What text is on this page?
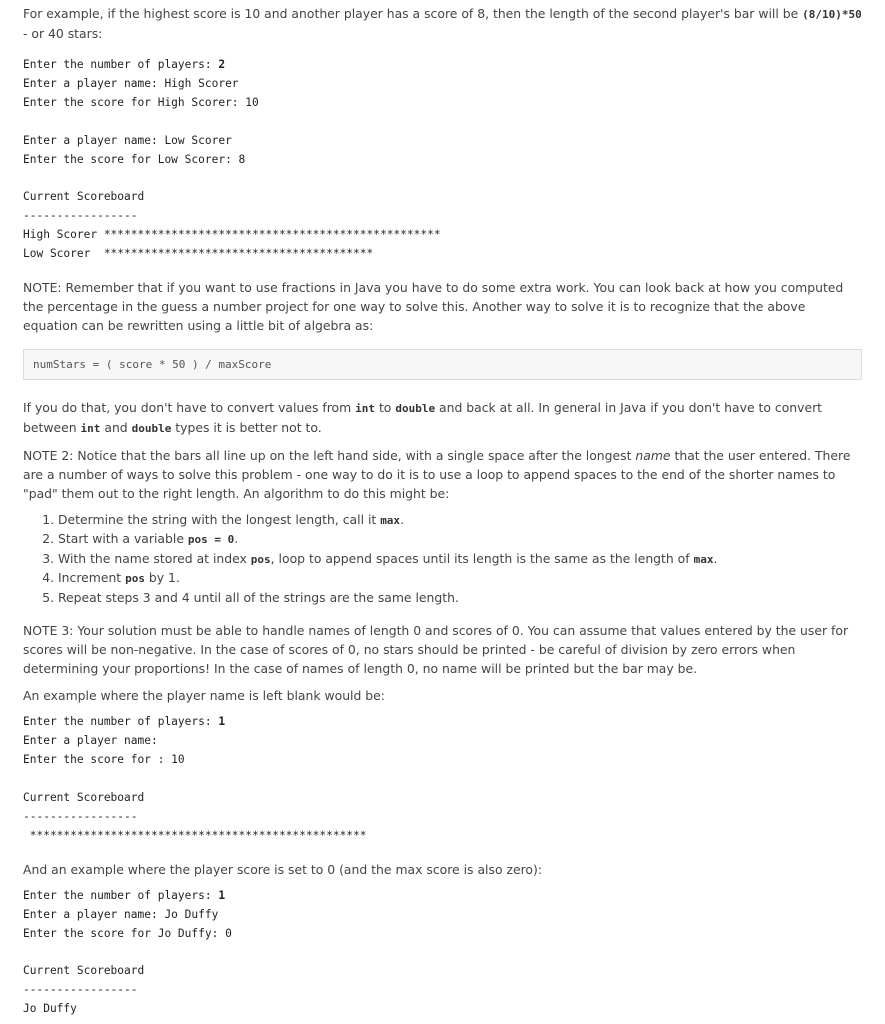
For example, if the highest score is 10 and another player has a score of 8, then the length of the second player's bar will be (8/10)*50 - or 40 stars:

Enter the number of players: 2
Enter a player name: High Scorer
Enter the score for High Scorer: 10

Enter a player name: Low Scorer
Enter the score for Low Scorer: 8

Current Scoreboard
-----------------
High Scorer **************************************************
Low Scorer  ****************************************

NOTE: Remember that if you want to use fractions in Java you have to do some extra work. You can look back at how you computed the percentage in the guess a number project for one way to solve this. Another way to solve it is to recognize that the above equation can be rewritten using a little bit of algebra as:

numStars = ( score * 50 ) / maxScore

If you do that, you don't have to convert values from int to double and back at all. In general in Java if you don't have to convert between int and double types it is better not to.

NOTE 2: Notice that the bars all line up on the left hand side, with a single space after the longest name that the user entered. There are a number of ways to solve this problem - one way to do it is to use a loop to append spaces to the end of the shorter names to "pad" them out to the right length. An algorithm to do this might be:

1. Determine the string with the longest length, call it max.
2. Start with a variable pos = 0.
3. With the name stored at index pos, loop to append spaces until its length is the same as the length of max.
4. Increment pos by 1.
5. Repeat steps 3 and 4 until all of the strings are the same length.

NOTE 3: Your solution must be able to handle names of length 0 and scores of 0. You can assume that values entered by the user for scores will be non-negative. In the case of scores of 0, no stars should be printed - be careful of division by zero errors when determining your proportions! In the case of names of length 0, no name will be printed but the bar may be.

An example where the player name is left blank would be:

Enter the number of players: 1
Enter a player name:
Enter the score for : 10

Current Scoreboard
-----------------
**************************************************

And an example where the player score is set to 0 (and the max score is also zero):

Enter the number of players: 1
Enter a player name: Jo Duffy
Enter the score for Jo Duffy: 0

Current Scoreboard
-----------------
Jo Duffy
